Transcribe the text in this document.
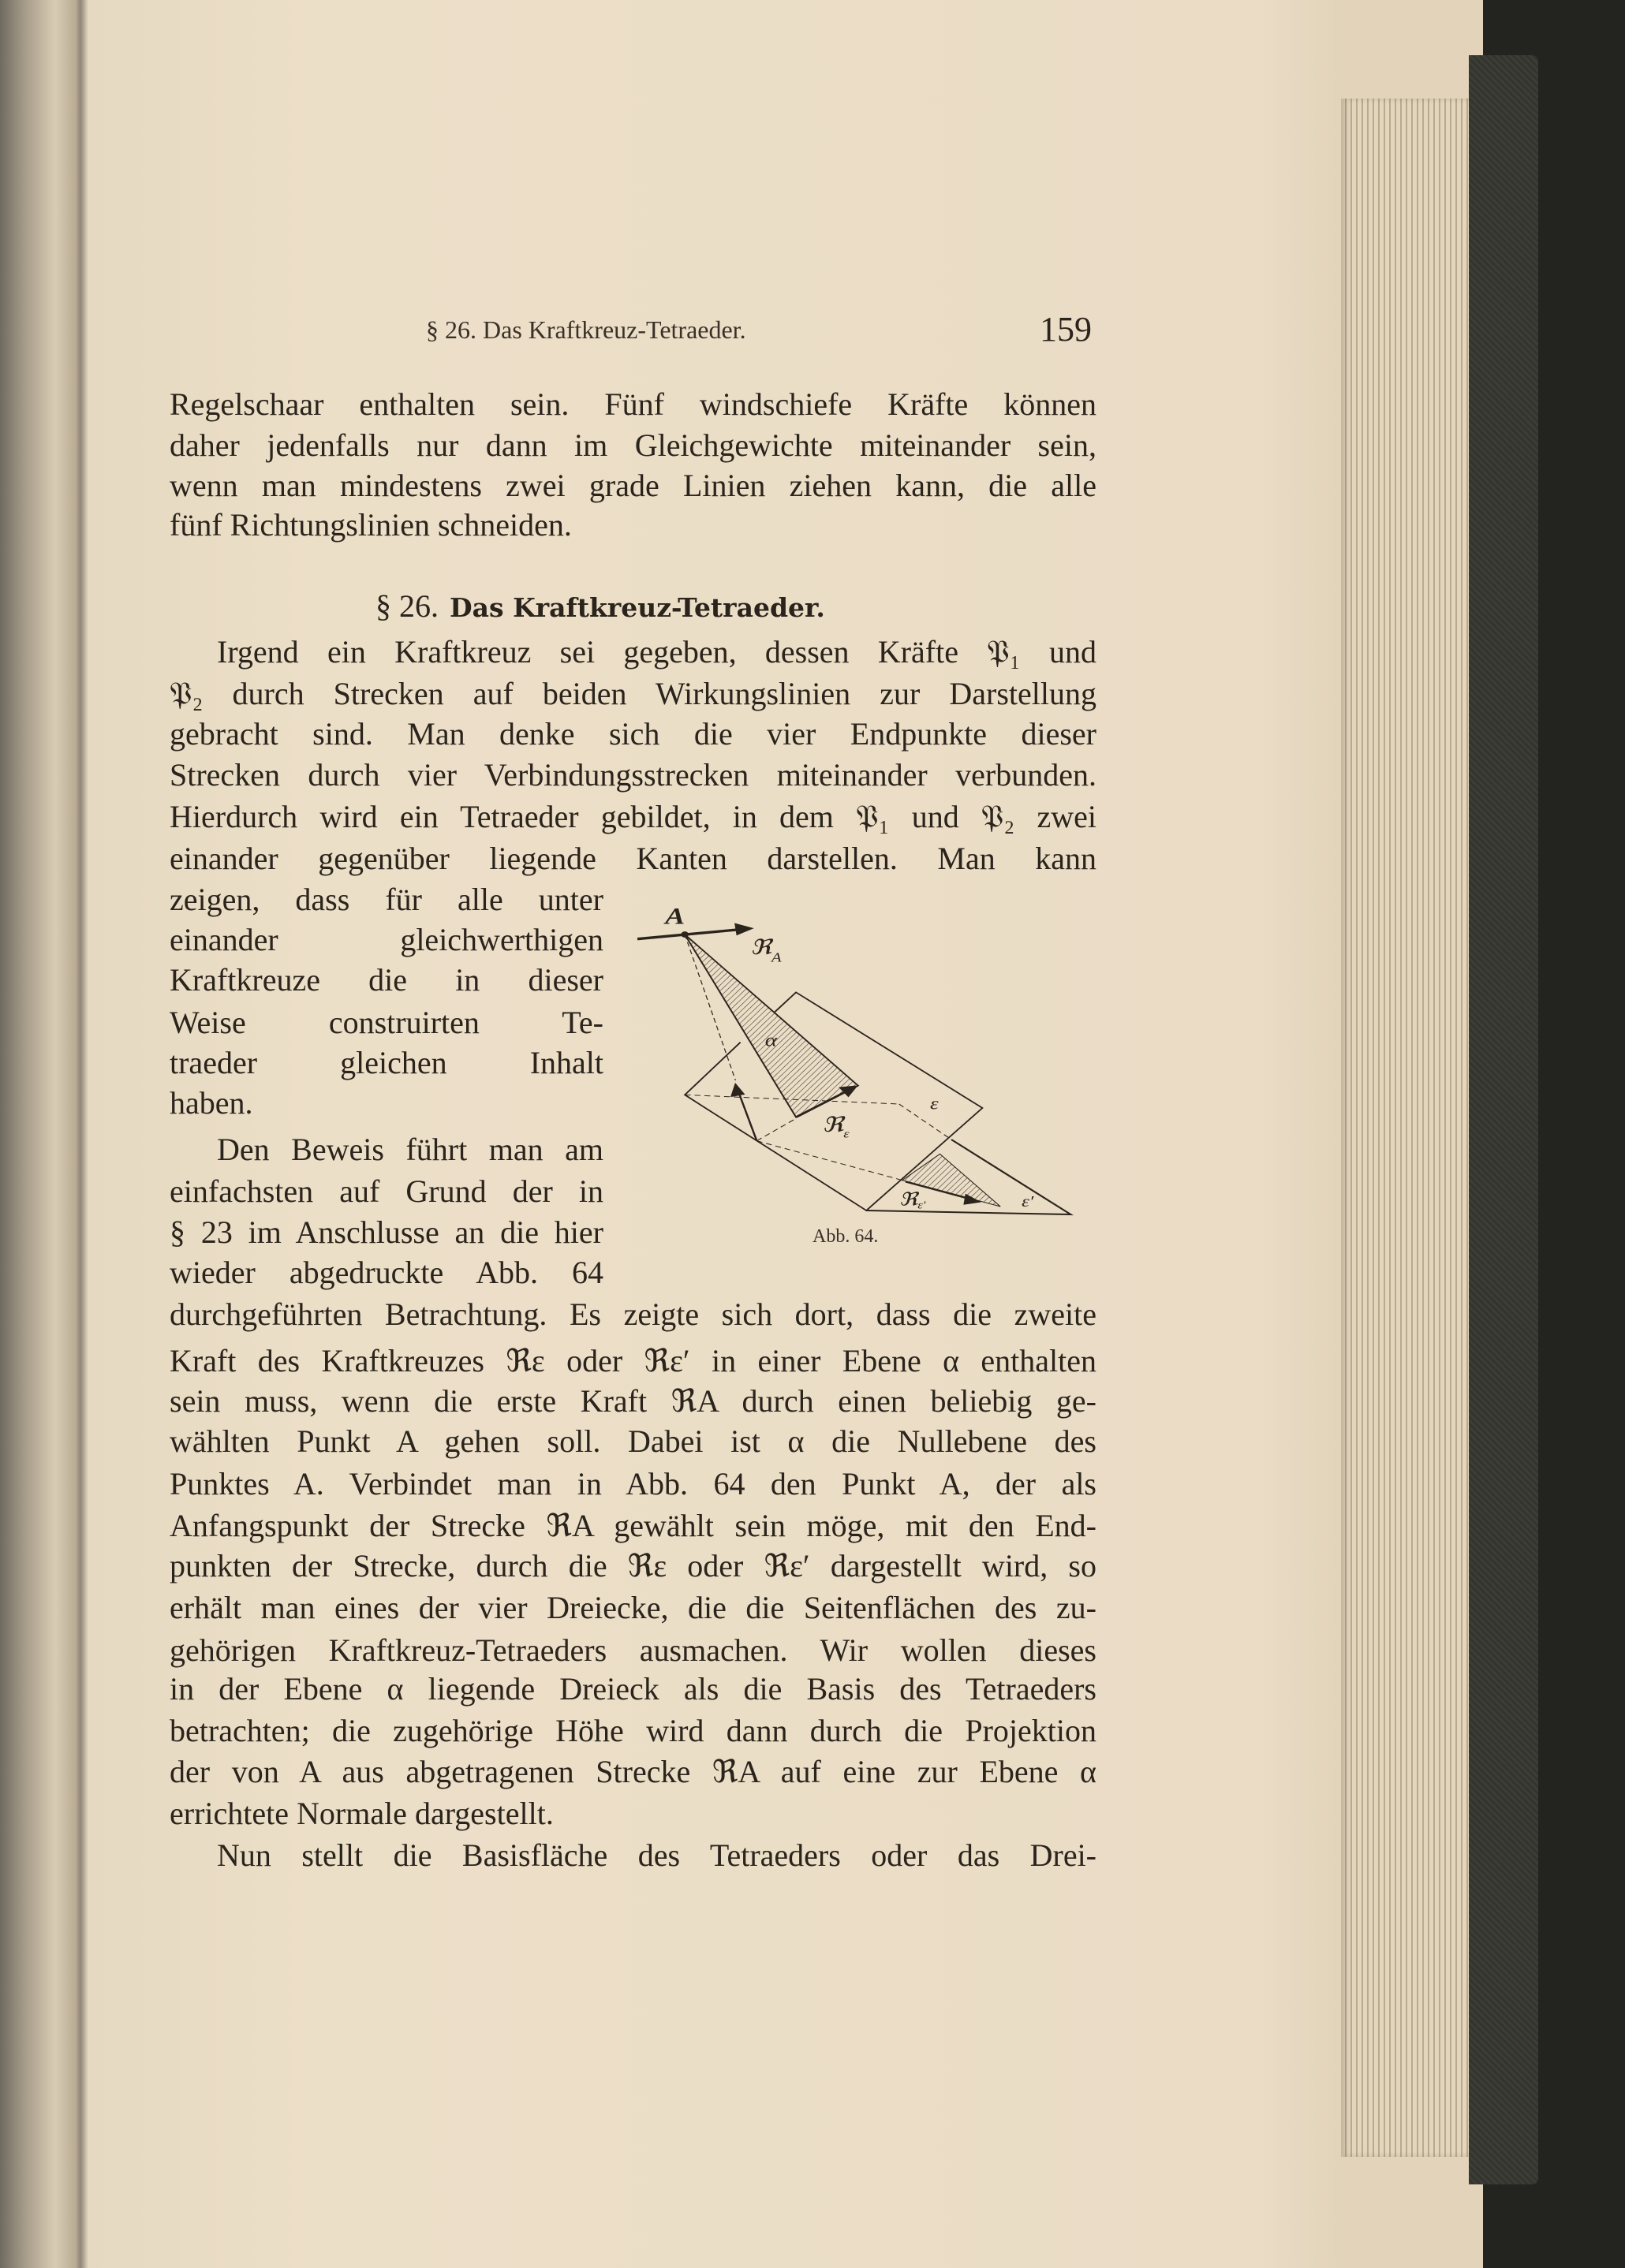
§ 26. Das Kraftkreuz-Tetraeder.	159
§ 26. Das Kraftkreuz-Tetraeder.
Regelschaar enthalten sein. Fünf windschiefe Kräfte können
daher jedenfalls nur dann im Gleichgewichte miteinander sein,
wenn man mindestens zwei grade Linien ziehen kann, die alle
fünf Richtungslinien schneiden.
Irgend ein Kraftkreuz sei gegeben, dessen Kräfte 𝔓₁ und
𝔓₂ durch Strecken auf beiden Wirkungslinien zur Darstellung
gebracht sind. Man denke sich die vier Endpunkte dieser
Strecken durch vier Verbindungsstrecken miteinander verbunden.
Hierdurch wird ein Tetraeder gebildet, in dem 𝔓₁ und 𝔓₂ zwei
einander gegenüber liegende Kanten darstellen. Man kann
zeigen, dass für alle unter
einander gleichwerthigen
Kraftkreuze die in dieser
Weise construirten Te-
traeder gleichen Inhalt
haben.
Den Beweis führt man am
einfachsten auf Grund der in
§ 23 im Anschlusse an die hier
wieder abgedruckte Abb. 64
durchgeführten Betrachtung. Es zeigte sich dort, dass die zweite
Kraft des Kraftkreuzes ℜε oder ℜε′ in einer Ebene α enthalten
sein muss, wenn die erste Kraft ℜA durch einen beliebig ge-
wählten Punkt A gehen soll. Dabei ist α die Nullebene des
Punktes A. Verbindet man in Abb. 64 den Punkt A, der als
Anfangspunkt der Strecke ℜA gewählt sein möge, mit den End-
punkten der Strecke, durch die ℜε oder ℜε′ dargestellt wird, so
erhält man eines der vier Dreiecke, die die Seitenflächen des zu-
gehörigen Kraftkreuz-Tetraeders ausmachen. Wir wollen dieses
in der Ebene α liegende Dreieck als die Basis des Tetraeders
betrachten; die zugehörige Höhe wird dann durch die Projektion
der von A aus abgetragenen Strecke ℜA auf eine zur Ebene α
errichtete Normale dargestellt.
Nun stellt die Basisfläche des Tetraeders oder das Drei-
A
ℜ$_A$
α
ε
ℜ$_\varepsilon$
ℜε′ ε′
Abb. 64.
